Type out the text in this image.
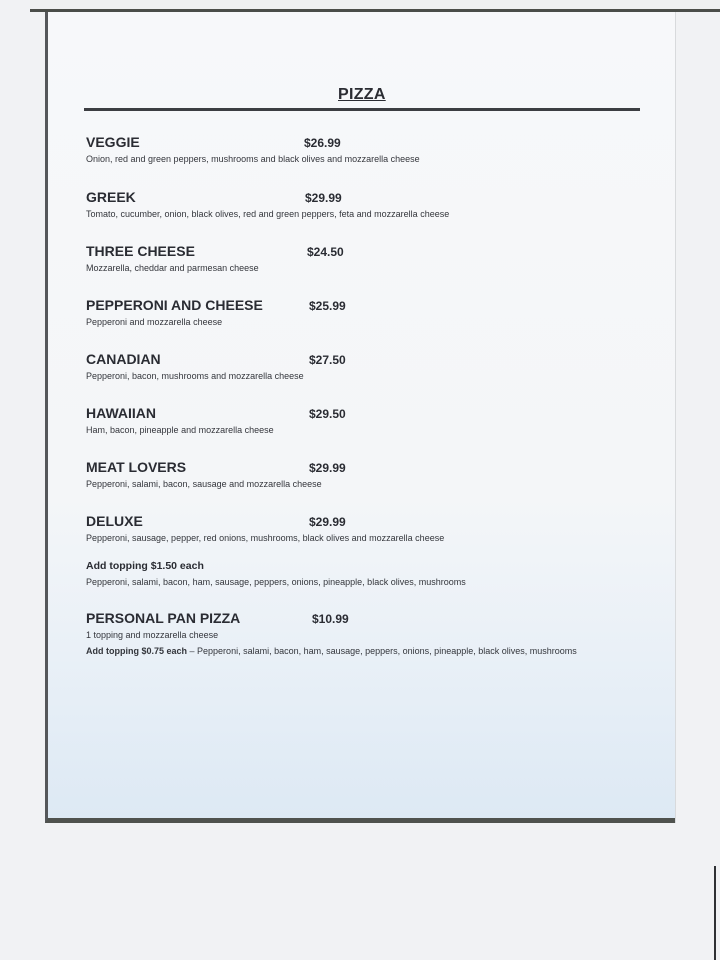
PIZZA
VEGGIE	$26.99
Onion, red and green peppers, mushrooms and black olives and mozzarella cheese
GREEK	$29.99
Tomato, cucumber, onion, black olives, red and green peppers, feta and mozzarella cheese
THREE CHEESE	$24.50
Mozzarella, cheddar and parmesan cheese
PEPPERONI AND CHEESE	$25.99
Pepperoni and mozzarella cheese
CANADIAN	$27.50
Pepperoni, bacon, mushrooms and mozzarella cheese
HAWAIIAN	$29.50
Ham, bacon, pineapple and mozzarella cheese
MEAT LOVERS	$29.99
Pepperoni, salami, bacon, sausage and mozzarella cheese
DELUXE	$29.99
Pepperoni, sausage, pepper, red onions, mushrooms, black olives and mozzarella cheese
Add topping $1.50 each
Pepperoni, salami, bacon, ham, sausage, peppers, onions, pineapple, black olives, mushrooms
PERSONAL PAN PIZZA	$10.99
1 topping and mozzarella cheese
Add topping $0.75 each – Pepperoni, salami, bacon, ham, sausage, peppers, onions, pineapple, black olives, mushrooms
